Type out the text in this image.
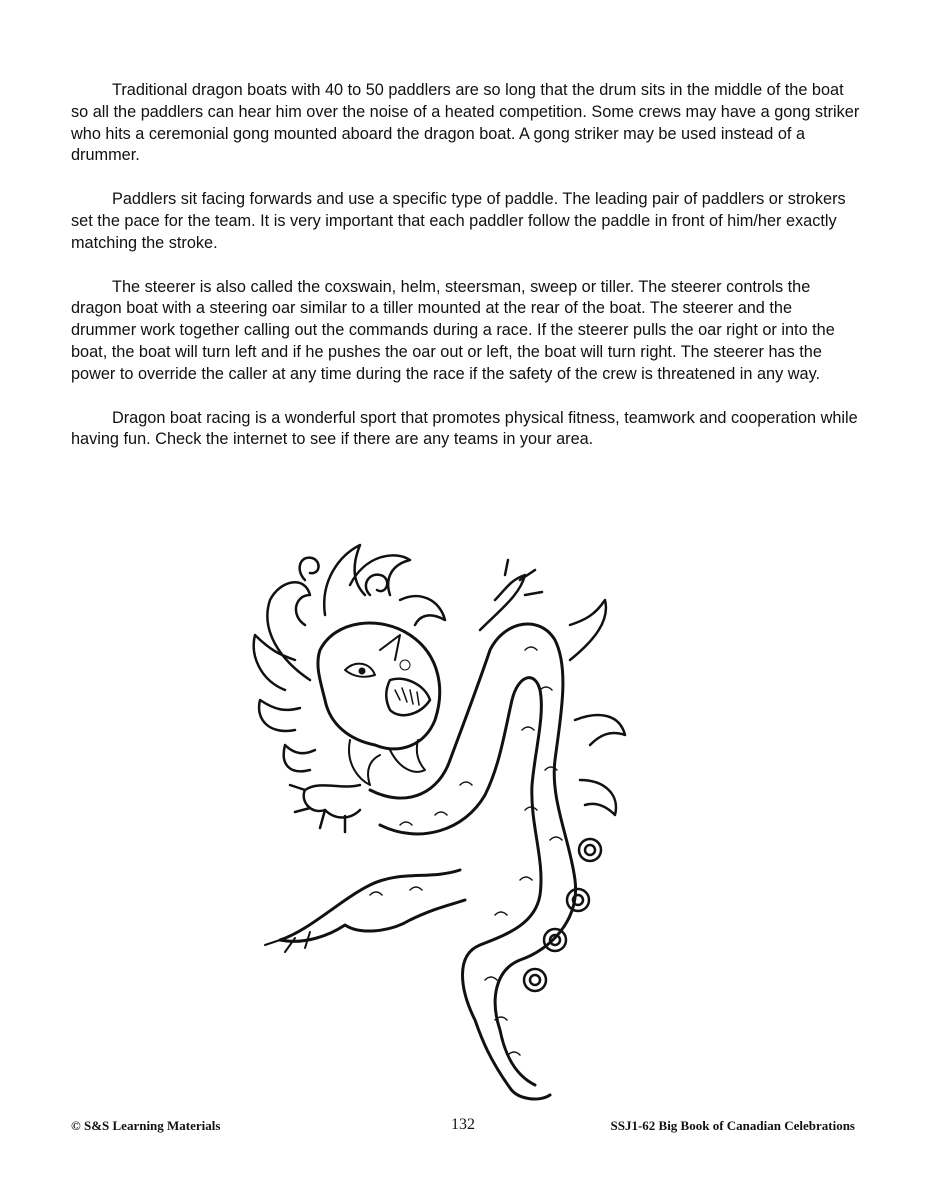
Traditional dragon boats with 40 to 50 paddlers are so long that the drum sits in the middle of the boat so all the paddlers can hear him over the noise of a heated competition. Some crews may have a gong striker who hits a ceremonial gong mounted aboard the dragon boat. A gong striker may be used instead of a drummer.

Paddlers sit facing forwards and use a specific type of paddle. The leading pair of paddlers or strokers set the pace for the team. It is very important that each paddler follow the paddle in front of him/her exactly matching the stroke.

The steerer is also called the coxswain, helm, steersman, sweep or tiller. The steerer controls the dragon boat with a steering oar similar to a tiller mounted at the rear of the boat. The steerer and the drummer work together calling out the commands during a race. If the steerer pulls the oar right or into the boat, the boat will turn left and if he pushes the oar out or left, the boat will turn right. The steerer has the power to override the caller at any time during the race if the safety of the crew is threatened in any way.

Dragon boat racing is a wonderful sport that promotes physical fitness, teamwork and cooperation while having fun. Check the internet to see if there are any teams in your area.

© S&S Learning Materials	132	SSJ1-62 Big Book of Canadian Celebrations
